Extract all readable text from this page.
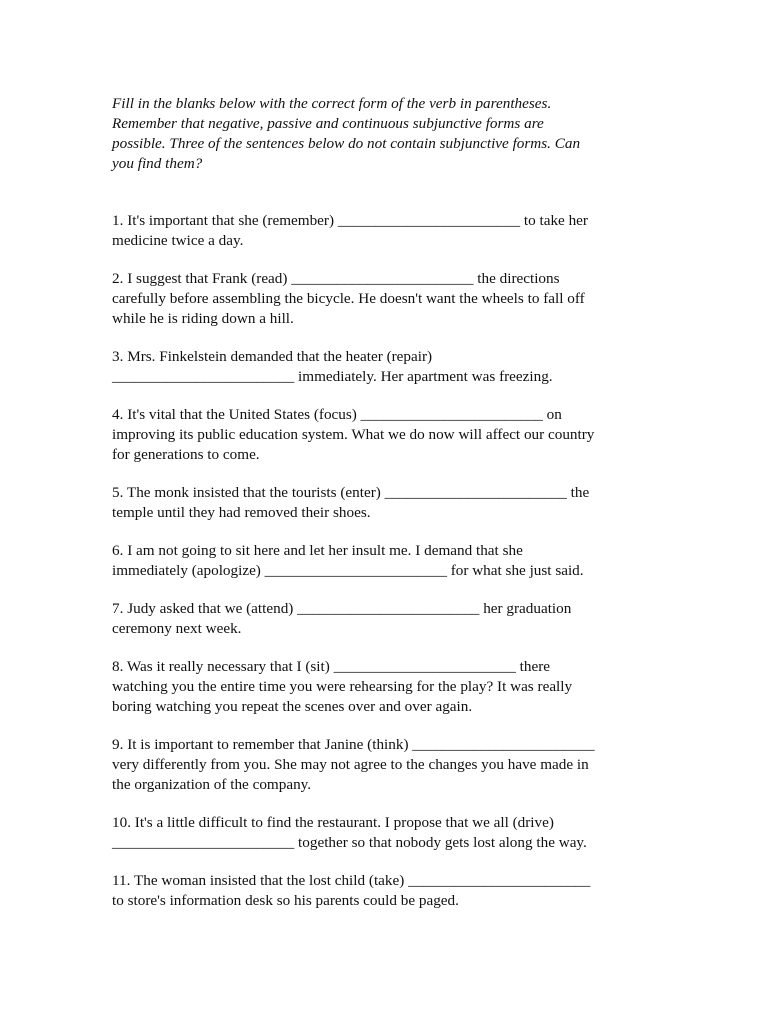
Fill in the blanks below with the correct form of the verb in parentheses.
Remember that negative, passive and continuous subjunctive forms are
possible. Three of the sentences below do not contain subjunctive forms. Can
you find them?

1. It's important that she (remember) ________________________ to take her
medicine twice a day.

2. I suggest that Frank (read) ________________________ the directions
carefully before assembling the bicycle. He doesn't want the wheels to fall off
while he is riding down a hill.

3. Mrs. Finkelstein demanded that the heater (repair)
________________________ immediately. Her apartment was freezing.

4. It's vital that the United States (focus) ________________________ on
improving its public education system. What we do now will affect our country
for generations to come.

5. The monk insisted that the tourists (enter) ________________________ the
temple until they had removed their shoes.

6. I am not going to sit here and let her insult me. I demand that she
immediately (apologize) ________________________ for what she just said.

7. Judy asked that we (attend) ________________________ her graduation
ceremony next week.

8. Was it really necessary that I (sit) ________________________ there
watching you the entire time you were rehearsing for the play? It was really
boring watching you repeat the scenes over and over again.

9. It is important to remember that Janine (think) ________________________
very differently from you. She may not agree to the changes you have made in
the organization of the company.

10. It's a little difficult to find the restaurant. I propose that we all (drive)
________________________ together so that nobody gets lost along the way.

11. The woman insisted that the lost child (take) ________________________
to store's information desk so his parents could be paged.
